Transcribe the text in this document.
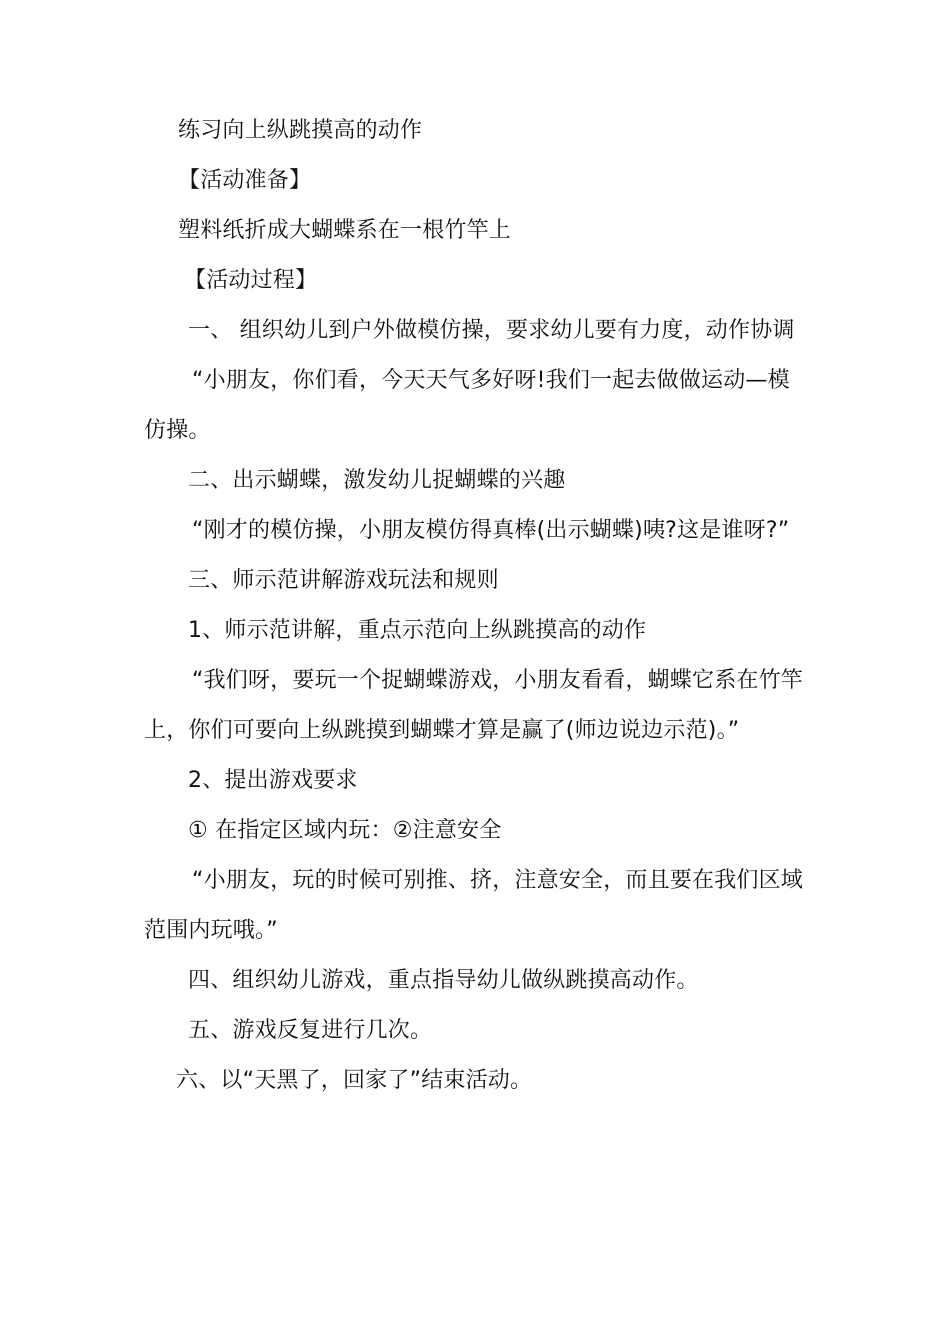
练习向上纵跳摸高的动作
【活动准备】
塑料纸折成大蝴蝶系在一根竹竿上
【活动过程】
一、 组织幼儿到户外做模仿操，要求幼儿要有力度，动作协调
“小朋友，你们看，今天天气多好呀!我们一起去做做运动—模
仿操。
二、出示蝴蝶，激发幼儿捉蝴蝶的兴趣
“刚才的模仿操，小朋友模仿得真棒(出示蝴蝶)咦?这是谁呀?”
三、师示范讲解游戏玩法和规则
1、师示范讲解，重点示范向上纵跳摸高的动作
“我们呀，要玩一个捉蝴蝶游戏，小朋友看看，蝴蝶它系在竹竿
上，你们可要向上纵跳摸到蝴蝶才算是赢了(师边说边示范)。”
2、提出游戏要求
① 在指定区域内玩：②注意安全
“小朋友，玩的时候可别推、挤，注意安全，而且要在我们区域
范围内玩哦。”
四、组织幼儿游戏，重点指导幼儿做纵跳摸高动作。
五、游戏反复进行几次。
六、以“天黑了，回家了”结束活动。
